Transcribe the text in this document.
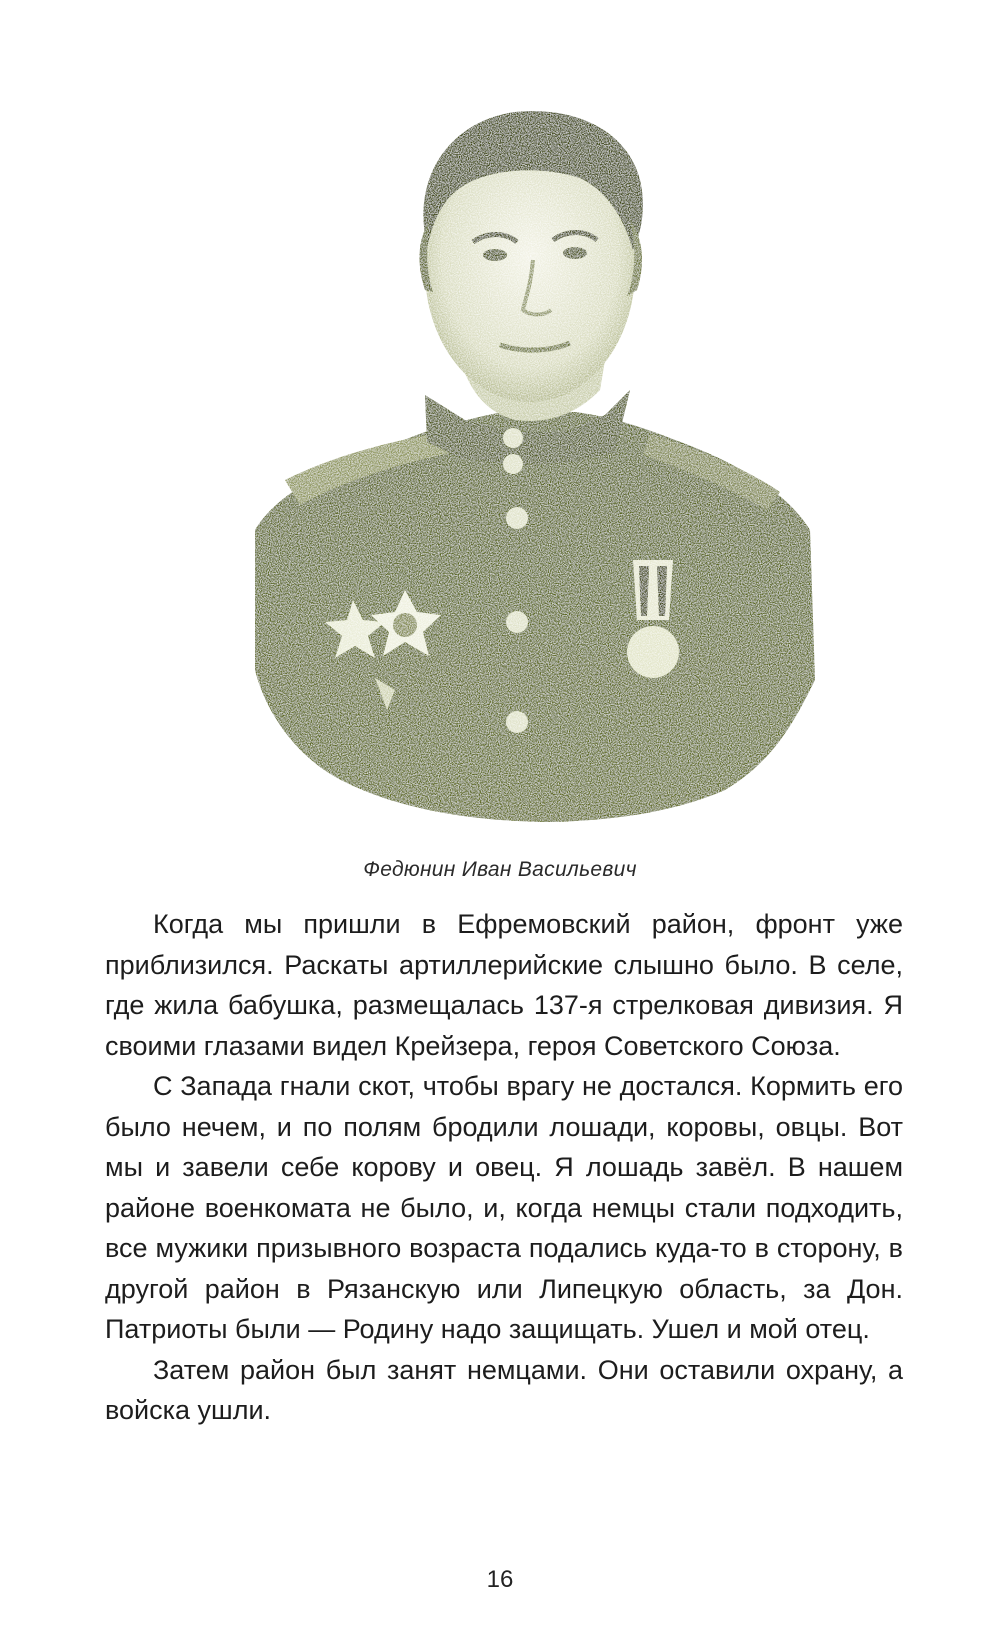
Федюнин Иван Васильевич

Когда мы пришли в Ефремовский район, фронт уже приблизился. Раскаты артиллерийские слышно было. В селе, где жила бабушка, размещалась 137-я стрелковая дивизия. Я своими глазами видел Крейзера, героя Советского Союза.

С Запада гнали скот, чтобы врагу не достался. Кормить его было нечем, и по полям бродили лошади, коровы, овцы. Вот мы и завели себе корову и овец. Я лошадь завёл. В нашем районе военкомата не было, и, когда немцы стали подходить, все мужики призывного возраста подались куда-то в сторону, в другой район в Рязанскую или Липецкую область, за Дон. Патриоты были — Родину надо защищать. Ушел и мой отец.

Затем район был занят немцами. Они оставили охрану, а войска ушли.

16
